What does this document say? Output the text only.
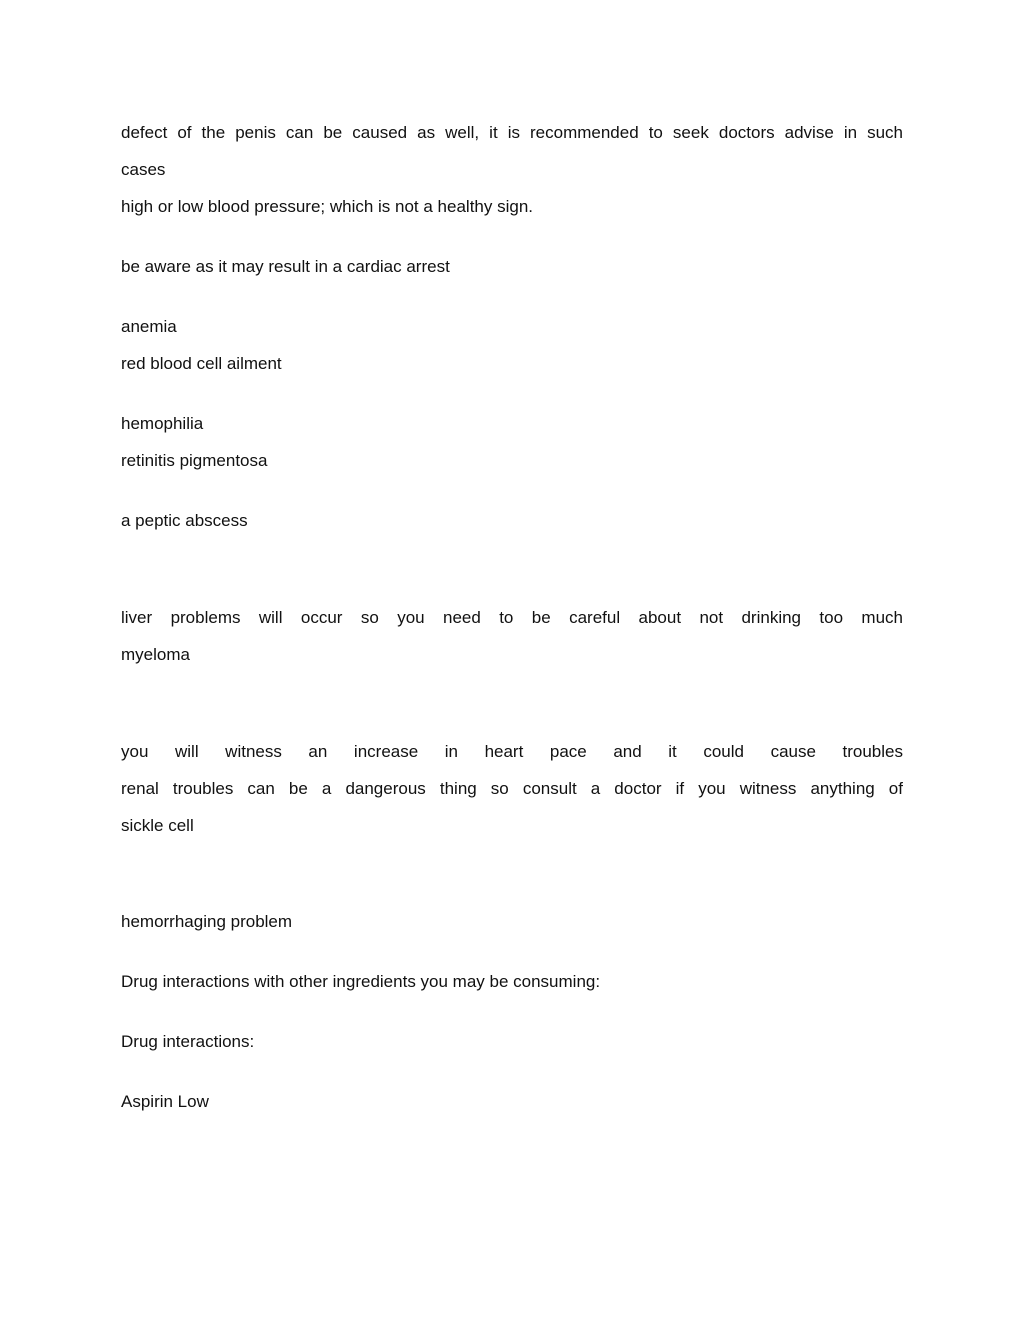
defect of the penis can be caused as well, it is recommended to seek doctors advise in such
cases
high or low blood pressure; which is not a healthy sign.
be aware as it may result in a cardiac arrest
anemia
red blood cell ailment
hemophilia
retinitis pigmentosa
a peptic abscess
liver problems will occur so you need to be careful about not drinking too much
myeloma
you will witness an increase in heart pace and it could cause troubles
renal troubles can be a dangerous thing so consult a doctor if you witness anything of
sickle cell
hemorrhaging problem
Drug interactions with other ingredients you may be consuming:
Drug interactions:
Aspirin Low
